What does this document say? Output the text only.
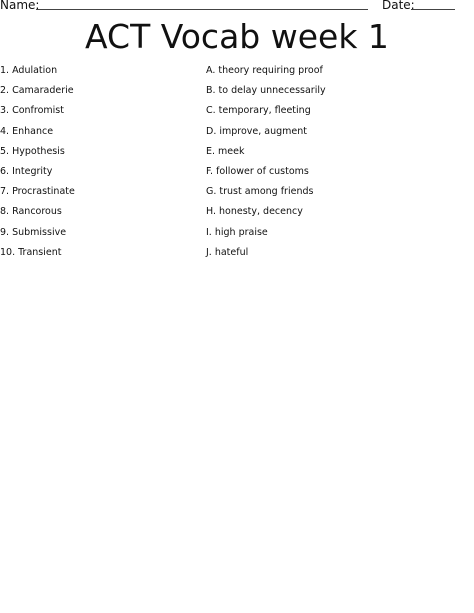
Name:	Date:
ACT Vocab week 1
1. Adulation
2. Camaraderie
3. Confromist
4. Enhance
5. Hypothesis
6. Integrity
7. Procrastinate
8. Rancorous
9. Submissive
10. Transient
A. theory requiring proof
B. to delay unnecessarily
C. temporary, fleeting
D. improve, augment
E. meek
F. follower of customs
G. trust among friends
H. honesty, decency
I. high praise
J. hateful
